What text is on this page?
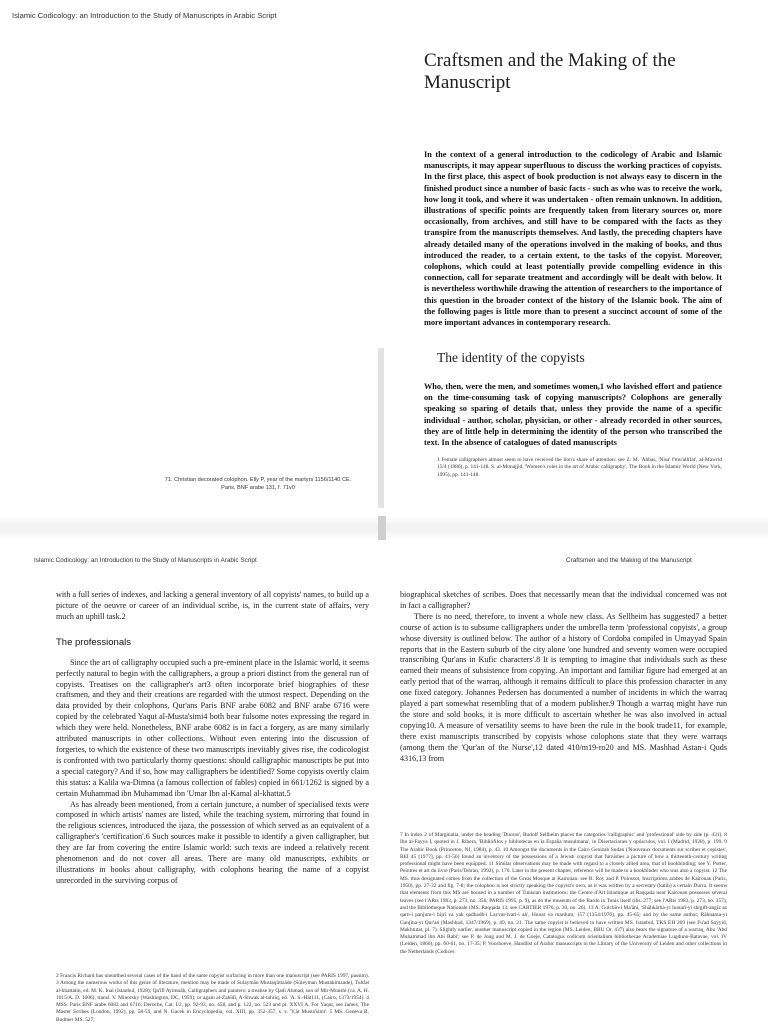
Islamic Codicology: an Introduction to the Study of Manuscripts in Arabic Script
Craftsmen and the Making of the Manuscript
In the context of a general introduction to the codicology of Arabic and Islamic manuscripts, it may appear superfluous to discuss the working practices of copyists. In the first place, this aspect of book production is not always easy to discern in the finished product since a number of basic facts - such as who was to receive the work, how long it took, and where it was undertaken - often remain unknown. In addition, illustrations of specific points are frequently taken from literary sources or, more occasionally, from archives, and still have to be compared with the facts as they transpire from the manuscripts themselves. And lastly, the preceding chapters have already detailed many of the operations involved in the making of books, and thus introduced the reader, to a certain extent, to the tasks of the copyist. Moreover, colophons, which could at least potentially provide compelling evidence in this connection, call for separate treatment and accordingly will be dealt with below. It is nevertheless worthwhile drawing the attention of researchers to the importance of this question in the broader context of the history of the Islamic book. The aim of the following pages is little more than to present a succinct account of some of the more important advances in contemporary research.
The identity of the copyists
Who, then, were the men, and sometimes women,1 who lavished effort and patience on the time-consuming task of copying manuscripts? Colophons are generally speaking so sparing of details that, unless they provide the name of a specific individual - author, scholar, physician, or other - already recorded in other sources, they are of little help in determining the identity of the person who transcribed the text. In the absence of catalogues of dated manuscripts
1 Female calligraphers almost seem to have received the lion's share of attention: see Z. M. 'Abbas, 'Nisa' f'mu'allifat', al-Mawrid 15/4 (1986), p. 141-148. S. al-Munajjid, 'Women's roles in the art of Arabic calligraphy', The Book in the Islamic World (New York, 1995), pp. 141-148.
71. Christian decorated colophon. Elly P, year of the martyrs 1156/1140 CE.
Paris, BNF arabe 131, f. 71v0
Islamic Codicology: an Introduction to the Study of Manuscripts in Arabic Script

with a full series of indexes, and lacking a general inventory of all copyists' names, to build up a picture of the oeuvre or career of an individual scribe, is, in the current state of affairs, very much an uphill task.2

The professionals

Since the art of calligraphy occupied such a pre-eminent place in the Islamic world, it seems perfectly natural to begin with the calligraphers, a group a priori distinct from the general run of copyists. Treatises on the calligrapher's art3 often incorporate brief biographies of these craftsmen, and they and their creations are regarded with the utmost respect. Depending on the data provided by their colophons, Qur'ans Paris BNF arabe 6082 and BNF arabe 6716 were copied by the celebrated Yaqut al-Musta'simi4 both bear fulsome notes expressing the regard in which they were held. Nonetheless, BNF arabe 6082 is in fact a forgery, as are many similarly attributed manuscripts in other collections. Without even entering into the discussion of forgeries, to which the existence of these two manuscripts inevitably gives rise, the codicologist is confronted with two particularly thorny questions: should calligraphic manuscripts be put into a special category? And if so, how may calligraphers be identified? Some copyists overtly claim this status: a Kalila wa-Dimna (a famous collection of fables) copied in 661/1262 is signed by a certain Muhammad ibn Muhammad ibn 'Umar Ibn al-Kamal al-khattat.5

As has already been mentioned, from a certain juncture, a number of specialised texts were composed in which artists' names are listed, while the teaching system, mirroring that found in the religious sciences, introduced the ijaza, the possession of which served as an equivalent of a calligrapher's 'certification'.6 Such sources make it possible to identify a given calligrapher, but they are far from covering the entire Islamic world: such texts are indeed a relatively recent phenomenon and do not cover all areas. There are many old manuscripts, exhibits or illustrations in books about calligraphy, with colophons bearing the name of a copyist unrecorded in the surviving corpus of

2 Francis Richard has unearthed several cases of the hand of the same copyist surfacing in more than one manuscript (see PARIS 1997, passim). 3 Among the numerous works of this genre of literature, mention may be made of Sulaymān Mustaqīmzāde (Süleyman Mustakimzade), Tuhfat al-khattatin, ed. M. K. Inal (Istanbul, 1928); Qa'īfī Ayimnāḥ, Calligraphers and painters: a treatise by Qadi Ahmad, son of Mir-Munshi (ca. A. H. 1015/A. D. 1606), transl. V. Minorsky (Washington, DC, 1959); or again al-Zabīdī, A-Shwak al-tahrīq, ed. 'A. S.-Hāt111, (Cairo, 1373/1954). 4 MSS. Paris BNF arabe 6082 and 6716; Deroche, Cat. I/2, pp. 92-93, no. 458, and p. 122, no. 523 and pl. XXVI A. For Yaqut, see James, The Master Scribes (London, 1992), pp. 58-59, and N. Gacek in Encyclopedia, vol. XIII, pp. 352-357, s. v. 'Y,āt Musta'simi'. 5 MS. Geneva B. Bodmer MS. 527;
Craftsmen and the Making of the Manuscript

biographical sketches of scribes. Does that necessarily mean that the individual concerned was not in fact a calligrapher?

There is no need, therefore, to invent a whole new class. As Sellheim has suggested7 a better course of action is to subsume calligraphers under the umbrella term 'professional copyists', a group whose diversity is outlined below. The author of a history of Cordoba compiled in Umayyad Spain reports that in the Eastern suburb of the city alone 'one hundred and seventy women were occupied transcribing Qur'ans in Kufic characters'.8 It is tempting to imagine that individuals such as these earned their means of subsistence from copying. An important and familiar figure had emerged at an early period that of the warraq, although it remains difficult to place this profession character in any one fixed category. Johannes Pedersen has documented a number of incidents in which the warraq played a part somewhat resembling that of a modern publisher.9 Though a warraq might have run the store and sold books, it is more difficult to ascertain whether he was also involved in actual copying10. A measure of versatility seems to have been the rule in the book trade11, for example, there exist manuscripts transcribed by copyists whose colophons state that they were warraqs (among them the 'Qur'an of the Nurse',12 dated 410/m19-ro20 and MS. Mashhad Astan-i Quds 4316,13 from

7 In index 2 of Marginalia, under the heading 'Duoras', Rudolf Sellheim places the categories 'calligraphic' and 'professional' side by side (p. 431). 8 Ibn al-Fayya I, quoted in J. Ribera, 'Bibliófilos y bibliotecas en la España musulmana', in Disertaciones y opúsculos, vol. I (Madrid, 1928), p. 199. 9 The Arabic Book (Princeton, NJ, 1984), p. 43. 10 Amongst the documents in the Cairo Genizah Sudan ('Nouveaux documents sur scribes et copistes', REI 45 [1977], pp. 41-56) found an inventory of the possessions of a Jewish copyist that furnishes a picture of how a thirteenth-century writing professional might have been equipped. 11 Similar observations may be made with regard to a closely allied area, that of bookbinding; see Y. Porter, Peintres et art du livre (Paris/Tehran, 1992), p. 170. Later in the present chapter, reference will be made to a bookbinder who was also a copyist. 12 The MS. thus designated comes from the collection of the Great Mosque at Kairouan: see R. Roy and P. Poinssot, Inscriptions arabes de Kairouan (Paris, 1950), pp. 27-32 and fig. 7-8; the colophon is not strictly speaking the copyist's own, as it was written by a secretary (katib) a certain Durra. It seems that elements from this MS are housed in a number of Tunisian institutions: the Centre d'Art Islamique at Raqqada near Kairouan possesses several leaves (see l'ARts 1983, p. 273, no. 356; PARIS 1995, p. 9), as do the museum of the Bardo in Tunis itself (ibs. 277; see l'ARts 1983, p. 273, no. 357), and the Bibliotheque Nationale (MS. Raqqada 13; see CARTIER 1976, p. 30, no. 26). 13 A. Gulchīn-i Ma'ānī, 'Shāhkārha-yi hunarī-yi shigift-angīz az qarn-i panjum-i hijrī va yak qadhadh-i Layvat-ivari-i ah', Hunar va mardum, 157 (1354/1976), pp. 45-65; and by the same author, Rāhnama-yi Ganjīna-yi Qur'an (Mashhad, 1347/1969), p. 49, no. 21. The same copyist is believed to have written MS. Istanbul, TKS EH 209 (see Fu'ad Sayyid, Makhtutat, pl. 7). Slightly earlier, another manuscript copied in the region (MS. Leiden, BRU Or. 437) also bears the signature of a warraq, Abu 'Abd Muhammad ibn Abi Rabi'; see P. de Jong and M. J. de Goeje, Catalogus codicum orientalium bibliothecae Academiae Lugduno-Batavae, vol. IV (Leiden, 1866), pp. 60-61, no. 17-35; P. Voorhoeve, Handlist of Arabic manuscripts in the Library of the University of Leiden and other collections in the Netherlands (Codices
